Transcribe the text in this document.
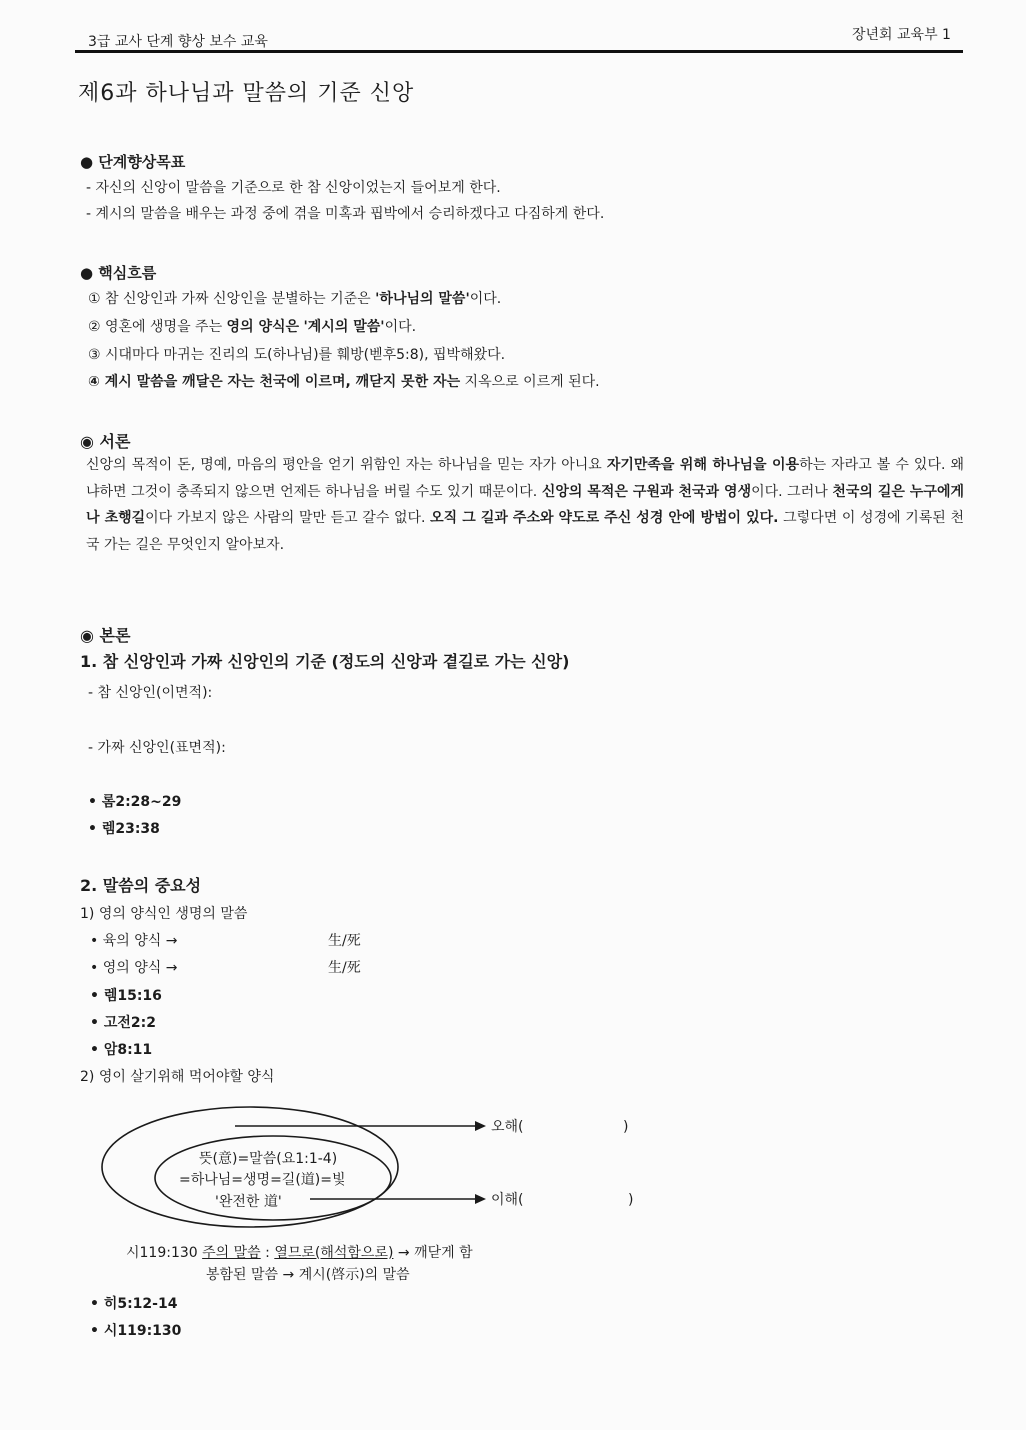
3급 교사 단계 향상 보수 교육	장년회 교육부 1
제6과 하나님과 말씀의 기준 신앙
● 단계향상목표
- 자신의 신앙이 말씀을 기준으로 한 참 신앙이었는지 들어보게 한다.
- 계시의 말씀을 배우는 과정 중에 겪을 미혹과 핍박에서 승리하겠다고 다짐하게 한다.
● 핵심흐름
① 참 신앙인과 가짜 신앙인을 분별하는 기준은 '하나님의 말씀'이다.
② 영혼에 생명을 주는 영의 양식은 '계시의 말씀'이다.
③ 시대마다 마귀는 진리의 도(하나님)를 훼방(벧후5:8), 핍박해왔다.
④ 계시 말씀을 깨달은 자는 천국에 이르며, 깨닫지 못한 자는 지옥으로 이르게 된다.
◉ 서론
신앙의 목적이 돈, 명예, 마음의 평안을 얻기 위함인 자는 하나님을 믿는 자가 아니요 자기만족을 위해 하나님을 이용하는 자라고 볼 수 있다. 왜냐하면 그것이 충족되지 않으면 언제든 하나님을 버릴 수도 있기 때문이다. 신앙의 목적은 구원과 천국과 영생이다. 그러나 천국의 길은 누구에게나 초행길이다 가보지 않은 사람의 말만 듣고 갈수 없다. 오직 그 길과 주소와 약도로 주신 성경 안에 방법이 있다. 그렇다면 이 성경에 기록된 천국 가는 길은 무엇인지 알아보자.
◉ 본론
1. 참 신앙인과 가짜 신앙인의 기준 (정도의 신앙과 곁길로 가는 신앙)
- 참 신앙인(이면적):
- 가짜 신앙인(표면적):
• 롬2:28~29
• 렘23:38
2. 말씀의 중요성
1) 영의 양식인 생명의 말씀
• 육의 양식 →	生/死
• 영의 양식 →	生/死
• 렘15:16
• 고전2:2
• 암8:11
2) 영이 살기위해 먹어야할 양식
뜻(意)=말씀(요1:1-4)
=하나님=생명=길(道)=빛
'완전한 道'
오해(	)
이해(	)
시119:130 주의 말씀 : 열므로(해석함으로) → 깨닫게 함
봉함된 말씀 → 계시(啓示)의 말씀
• 히5:12-14
• 시119:130
